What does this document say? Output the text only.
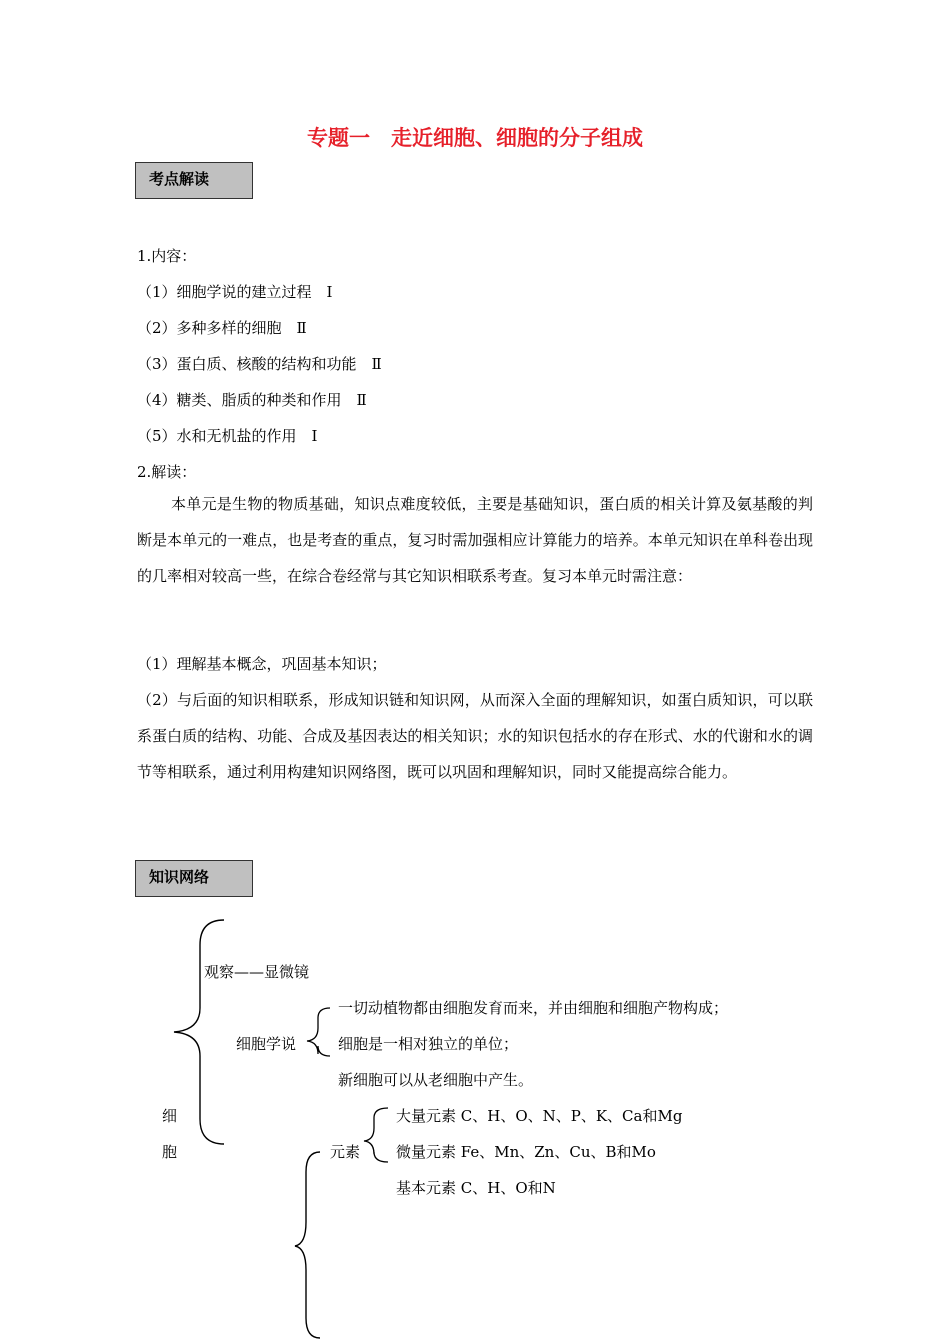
专题一　走近细胞、细胞的分子组成
考点解读
1.内容：
（1）细胞学说的建立过程　Ⅰ
（2）多种多样的细胞　Ⅱ
（3）蛋白质、核酸的结构和功能　Ⅱ
（4）糖类、脂质的种类和作用　Ⅱ
（5）水和无机盐的作用　Ⅰ
2.解读：
本单元是生物的物质基础，知识点难度较低，主要是基础知识，蛋白质的相关计算及氨基酸的判断是本单元的一难点，也是考查的重点，复习时需加强相应计算能力的培养。本单元知识在单科卷出现的几率相对较高一些，在综合卷经常与其它知识相联系考查。复习本单元时需注意：
（1）理解基本概念，巩固基本知识；
（2）与后面的知识相联系，形成知识链和知识网，从而深入全面的理解知识，如蛋白质知识，可以联系蛋白质的结构、功能、合成及基因表达的相关知识；水的知识包括水的存在形式、水的代谢和水的调节等相联系，通过利用构建知识网络图，既可以巩固和理解知识，同时又能提高综合能力。
知识网络
观察——显微镜
细胞学说
一切动植物都由细胞发育而来，并由细胞和细胞产物构成；
细胞是一相对独立的单位；
新细胞可以从老细胞中产生。
细
胞	元素
大量元素 C、H、O、N、P、K、Ca和Mg
微量元素 Fe、Mn、Zn、Cu、B和Mo
基本元素 C、H、O和N
